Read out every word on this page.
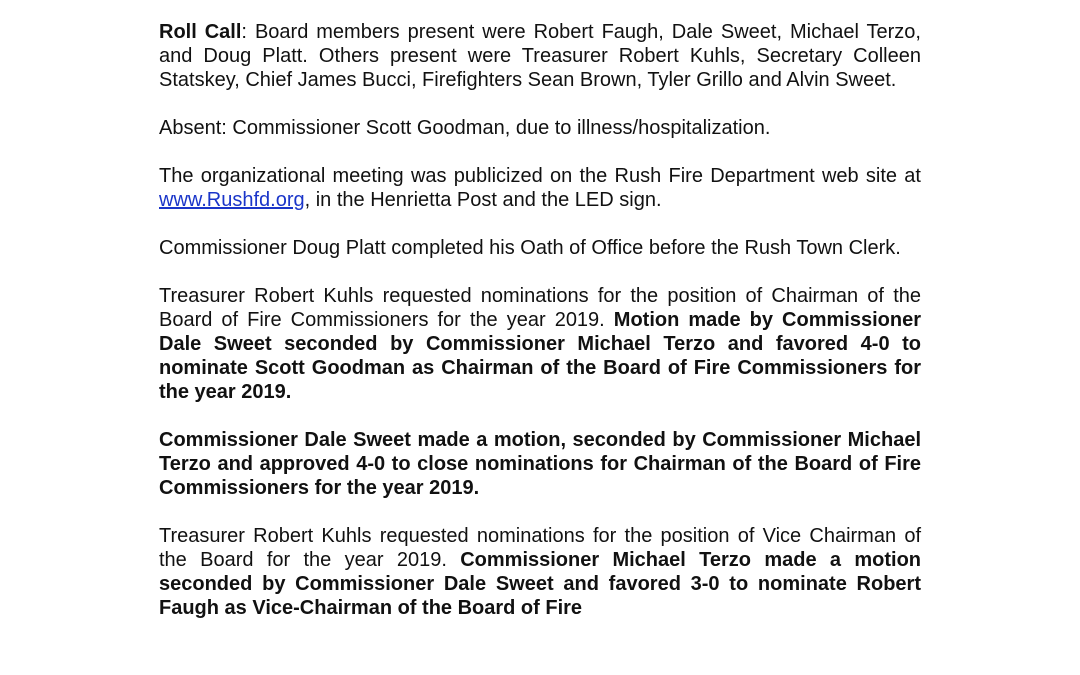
Roll Call: Board members present were Robert Faugh, Dale Sweet, Michael Terzo, and Doug Platt. Others present were Treasurer Robert Kuhls, Secretary Colleen Statskey, Chief James Bucci, Firefighters Sean Brown, Tyler Grillo and Alvin Sweet.

Absent: Commissioner Scott Goodman, due to illness/hospitalization.

The organizational meeting was publicized on the Rush Fire Department web site at www.Rushfd.org, in the Henrietta Post and the LED sign.

Commissioner Doug Platt completed his Oath of Office before the Rush Town Clerk.

Treasurer Robert Kuhls requested nominations for the position of Chairman of the Board of Fire Commissioners for the year 2019. Motion made by Commissioner Dale Sweet seconded by Commissioner Michael Terzo and favored 4-0 to nominate Scott Goodman as Chairman of the Board of Fire Commissioners for the year 2019.

Commissioner Dale Sweet made a motion, seconded by Commissioner Michael Terzo and approved 4-0 to close nominations for Chairman of the Board of Fire Commissioners for the year 2019.

Treasurer Robert Kuhls requested nominations for the position of Vice Chairman of the Board for the year 2019. Commissioner Michael Terzo made a motion seconded by Commissioner Dale Sweet and favored 3-0 to nominate Robert Faugh as Vice-Chairman of the Board of Fire
